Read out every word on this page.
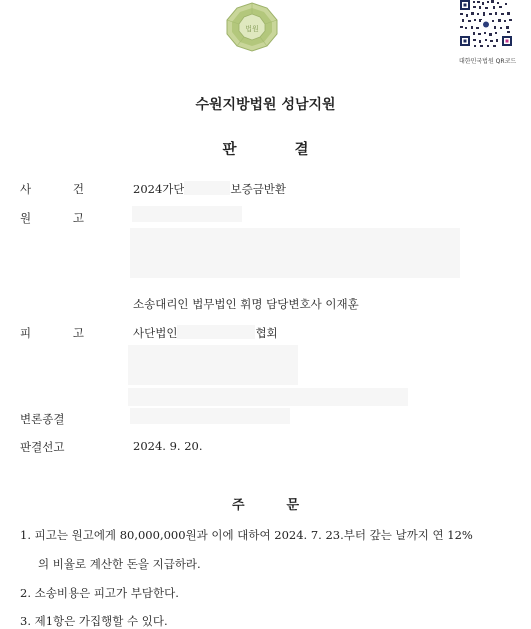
법원
대한민국법원 QR코드
수원지방법원 성남지원
판	결
사 건	2024가단	보증금반환
원 고
소송대리인 법무법인 휘명 담당변호사 이재훈
피 고	사단법인	협회
변론종결
판결선고	2024. 9. 20.
주	문
1. 피고는 원고에게 80,000,000원과 이에 대하여 2024. 7. 23.부터 갚는 날까지 연 12%
의 비율로 계산한 돈을 지급하라.
2. 소송비용은 피고가 부담한다.
3. 제1항은 가집행할 수 있다.
